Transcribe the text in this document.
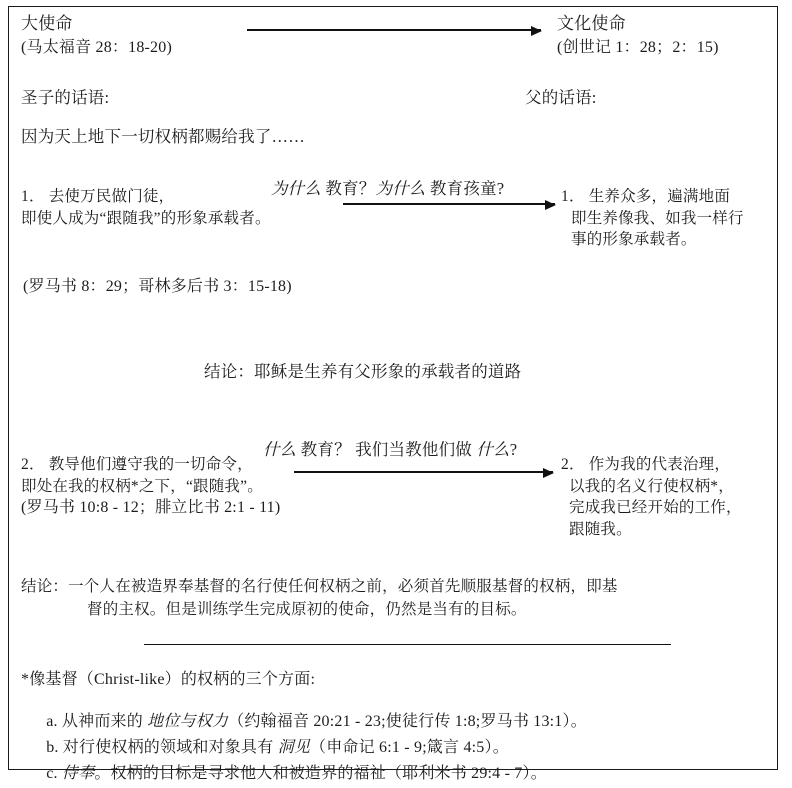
大使命
(马太福音 28：18-20)
文化使命
(创世记 1：28；2：15)
圣子的话语:	父的话语:
因为天上地下一切权柄都赐给我了……

为什么 教育？为什么 教育孩童?

1． 去使万民做门徒，
即使人成为“跟随我”的形象承载者。
(罗马书 8：29；哥林多后书 3：15-18)
1． 生养众多，遍满地面
即生养像我、如我一样行
事的形象承载者。
结论：耶稣是生养有父形象的承载者的道路

什么 教育？ 我们当教他们做 什么?

2． 教导他们遵守我的一切命令，
即处在我的权柄*之下，“跟随我”。
(罗马书 10:8 - 12；腓立比书 2:1 - 11)
2． 作为我的代表治理，
以我的名义行使权柄*，
完成我已经开始的工作，
跟随我。
结论：一个人在被造界奉基督的名行使任何权柄之前，必须首先顺服基督的权柄，即基
督的主权。但是训练学生完成原初的使命，仍然是当有的目标。
*像基督（Christ-like）的权柄的三个方面:

a. 从神而来的 地位与权力（约翰福音 20:21 - 23;使徒行传 1:8;罗马书 13:1）。

b. 对行使权柄的领域和对象具有 洞见（申命记 6:1 - 9;箴言 4:5）。

c. 侍奉。权柄的目标是寻求他人和被造界的福祉（耶利米书 29:4 - 7）。
